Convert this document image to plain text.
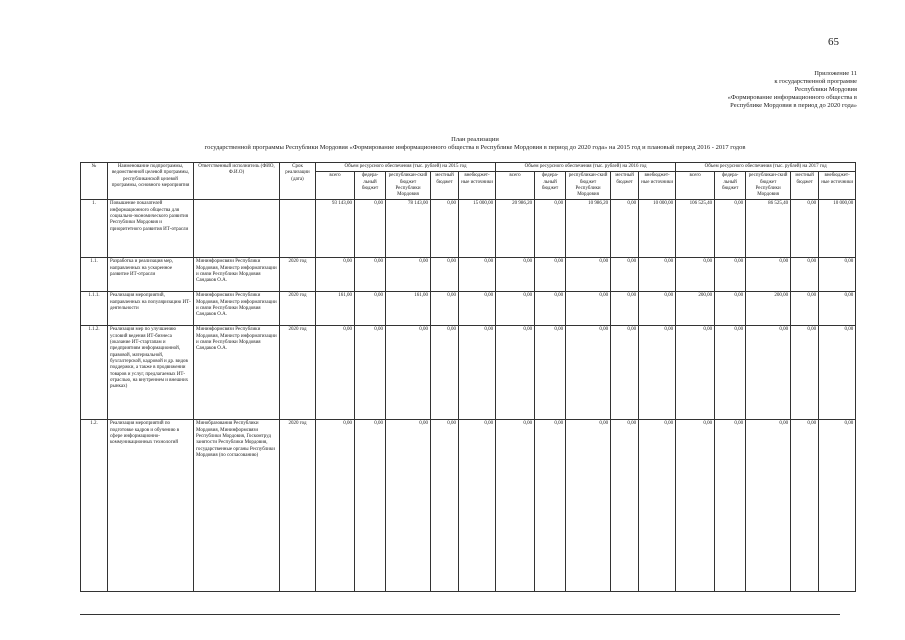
65
Приложение 11
к государственной программе
Республики Мордовия
«Формирование информационного общества в
Республике Мордовия в период до 2020 года»
План реализации
государственной программы Республики Мордовия «Формирование информационного общества в Республике Мордовия в период до 2020 года» на 2015 год и плановый период 2016 - 2017 годов
№	Наименование подпрограммы, ведомственной целевой программы, республиканской целевой программы, основного мероприятия	Ответственный исполнитель (ФИО, Ф.И.О)	Срок реализации (дата)	Объем ресурсного обеспечения (тыс. рублей) на 2015 год					Объем ресурсного обеспечения (тыс. рублей) на 2016 год					Объем ресурсного обеспечения (тыс. рублей) на 2017 год				
				всего	федера-льный бюджет	республикан-ский бюджет Республики Мордовия	местный бюджет	внебюджет-ные источники	всего	федера-льный бюджет	республикан-ский бюджет Республики Мордовия	местный бюджет	внебюджет-ные источники	всего	федера-льный бюджет	республикан-ский бюджет Республики Мордовия	местный бюджет	внебюджет-ные источники
1.	Повышение показателей информационного общества для социально-экономического развития Республики Мордовия и приоритетного развития ИТ-отрасли			93 143,00	0,00	78 143,00	0,00	15 000,00	20 986,20	0,00	10 986,20	0,00	10 000,00	106 525,40	0,00	86 525,40	0,00	10 000,00
1.1.	Разработка и реализация мер, направленных на ускоренное развитие ИТ-отрасли	Мининформсвязи Республики Мордовия, Министр информатизации и связи Республики Мордовия Сандаков О.А.	2020 год	0,00	0,00	0,00	0,00	0,00	0,00	0,00	0,00	0,00	0,00	0,00	0,00	0,00	0,00	0,00
1.1.1.	Реализация мероприятий, направленных на популяризацию ИТ-деятельности	Мининформсвязи Республики Мордовия, Министр информатизации и связи Республики Мордовия Сандаков О.А.	2020 год	161,00	0,00	161,00	0,00	0,00	0,00	0,00	0,00	0,00	0,00	200,00	0,00	200,00	0,00	0,00
1.1.2.	Реализация мер по улучшению условий ведения ИТ-бизнеса (оказание ИТ-стартапам и предприятиям информационной, правовой, материальной, бухгалтерской, кадровой и др. видов поддержки, а также в продвижении товаров и услуг, предлагаемых ИТ-отраслью, на внутреннем и внешних рынках)	Мининформсвязи Республики Мордовия, Министр информатизации и связи Республики Мордовия Сандаков О.А.	2020 год	0,00	0,00	0,00	0,00	0,00	0,00	0,00	0,00	0,00	0,00	0,00	0,00	0,00	0,00	0,00
1.2.	Реализация мероприятий по подготовке кадров и обучению в сфере информационно-коммуникационных технологий	Минобразования Республики Мордовия, Мининформсвязи Республики Мордовия, Госкомтруд занятости Республики Мордовия, государственные органы Республики Мордовия (по согласованию)	2020 год	0,00	0,00	0,00	0,00	0,00	0,00	0,00	0,00	0,00	0,00	0,00	0,00	0,00	0,00	0,00
